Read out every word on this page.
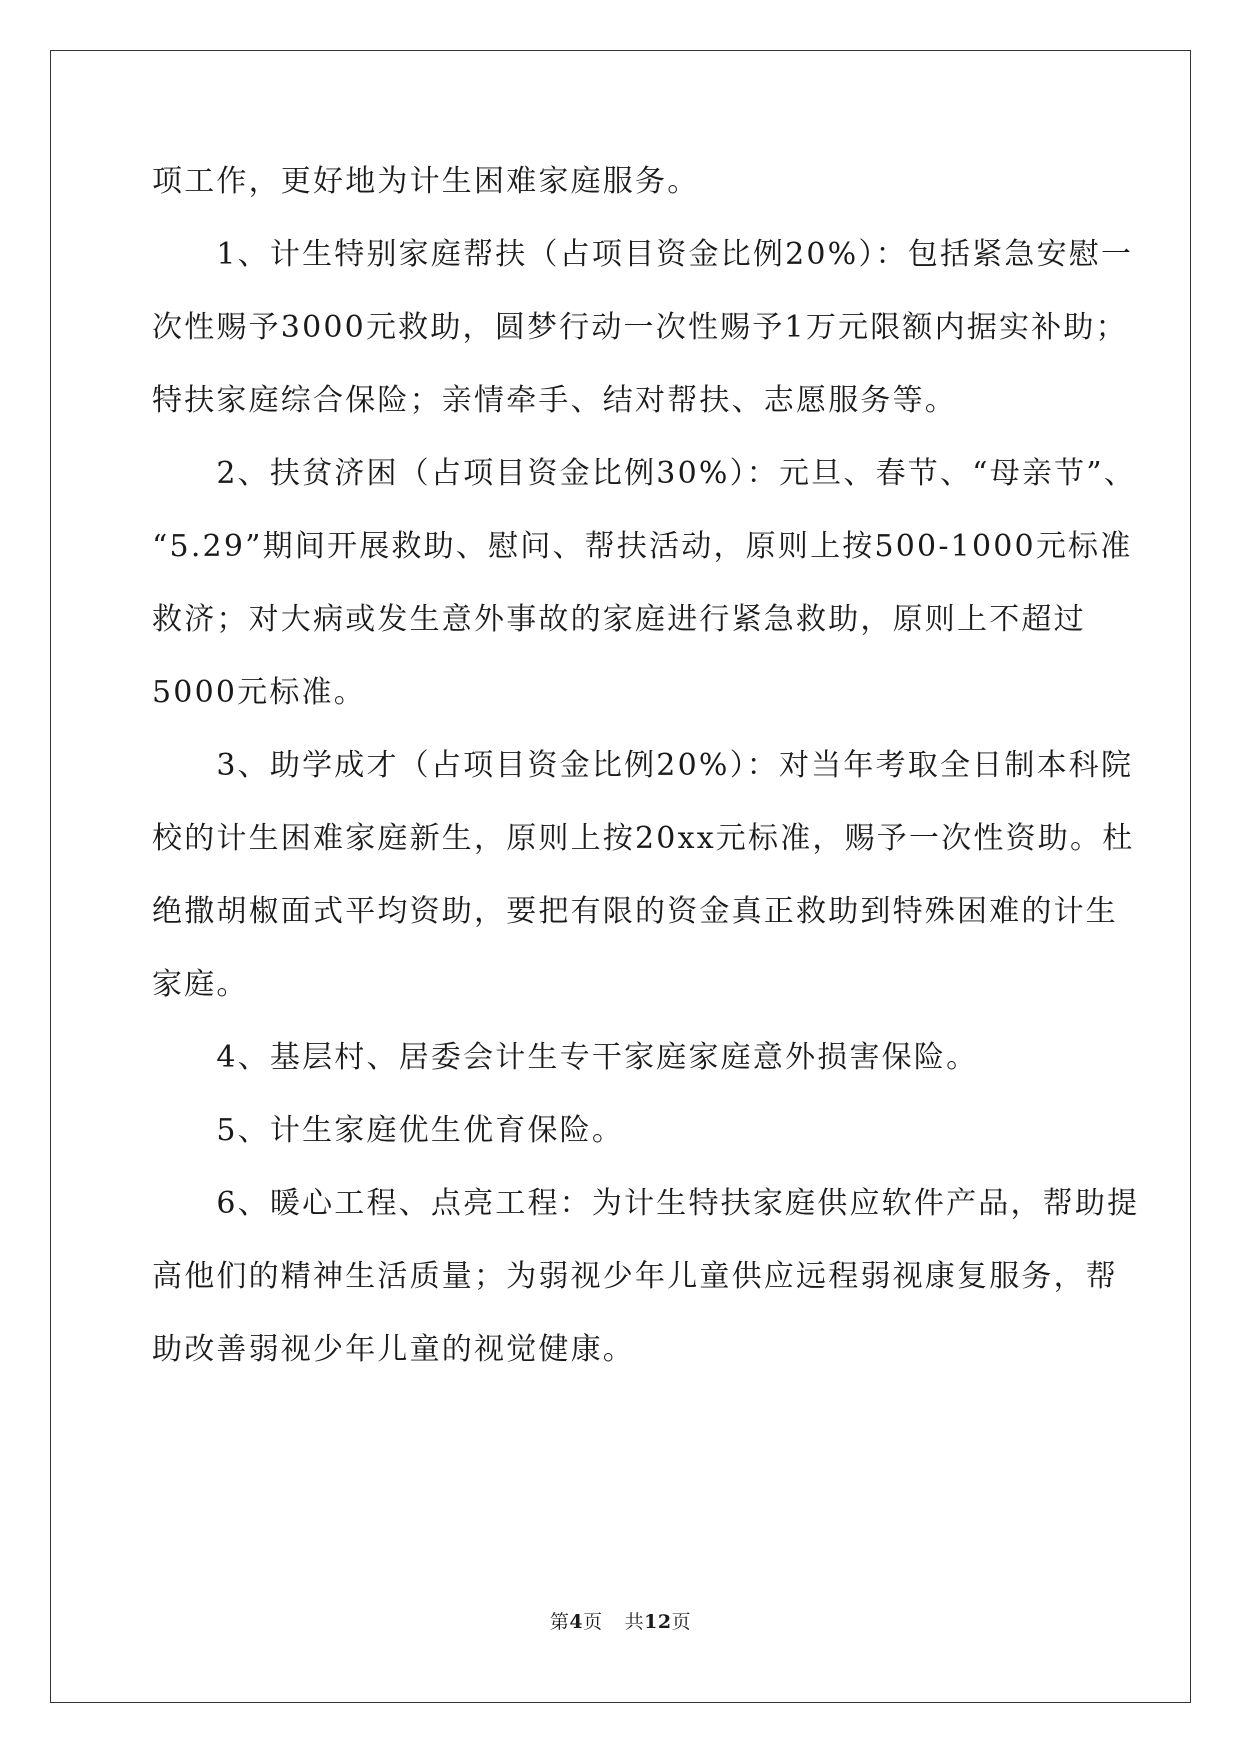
项工作，更好地为计生困难家庭服务。
　　1、计生特别家庭帮扶（占项目资金比例20%）：包括紧急安慰一
次性赐予3000元救助，圆梦行动一次性赐予1万元限额内据实补助；
特扶家庭综合保险；亲情牵手、结对帮扶、志愿服务等。
　　2、扶贫济困（占项目资金比例30%）：元旦、春节、“母亲节”、
“5.29”期间开展救助、慰问、帮扶活动，原则上按500-1000元标准
救济；对大病或发生意外事故的家庭进行紧急救助，原则上不超过
5000元标准。
　　3、助学成才（占项目资金比例20%）：对当年考取全日制本科院
校的计生困难家庭新生，原则上按20xx元标准，赐予一次性资助。杜
绝撒胡椒面式平均资助，要把有限的资金真正救助到特殊困难的计生
家庭。
　　4、基层村、居委会计生专干家庭家庭意外损害保险。
　　5、计生家庭优生优育保险。
　　6、暖心工程、点亮工程：为计生特扶家庭供应软件产品，帮助提
高他们的精神生活质量；为弱视少年儿童供应远程弱视康复服务，帮
助改善弱视少年儿童的视觉健康。
第4页 共12页
